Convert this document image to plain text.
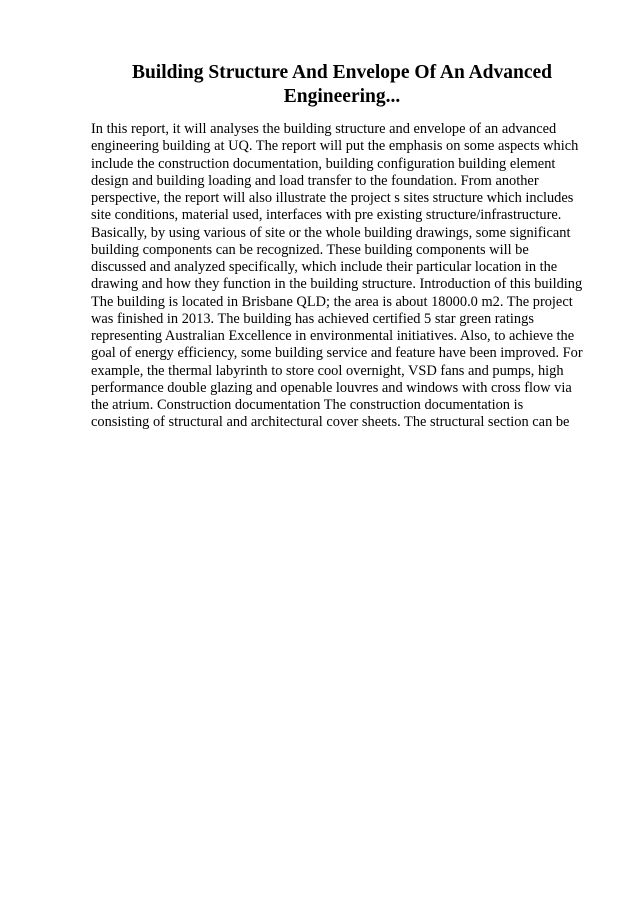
Building Structure And Envelope Of An Advanced
Engineering...
In this report, it will analyses the building structure and envelope of an advanced
engineering building at UQ. The report will put the emphasis on some aspects which
include the construction documentation, building configuration building element
design and building loading and load transfer to the foundation. From another
perspective, the report will also illustrate the project s sites structure which includes
site conditions, material used, interfaces with pre existing structure/infrastructure.
Basically, by using various of site or the whole building drawings, some significant
building components can be recognized. These building components will be
discussed and analyzed specifically, which include their particular location in the
drawing and how they function in the building structure. Introduction of this building
The building is located in Brisbane QLD; the area is about 18000.0 m2. The project
was finished in 2013. The building has achieved certified 5 star green ratings
representing Australian Excellence in environmental initiatives. Also, to achieve the
goal of energy efficiency, some building service and feature have been improved. For
example, the thermal labyrinth to store cool overnight, VSD fans and pumps, high
performance double glazing and openable louvres and windows with cross flow via
the atrium. Construction documentation The construction documentation is
consisting of structural and architectural cover sheets. The structural section can be
